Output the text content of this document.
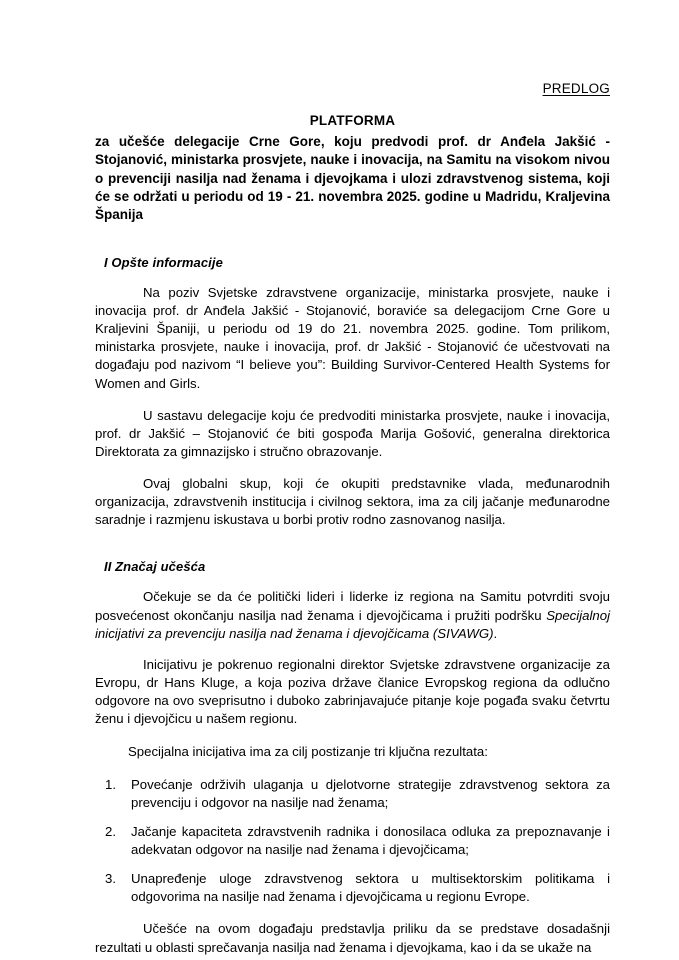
PREDLOG
PLATFORMA

za učešće delegacije Crne Gore, koju predvodi prof. dr Anđela Jakšić - Stojanović, ministarka prosvjete, nauke i inovacija, na Samitu na visokom nivou o prevenciji nasilja nad ženama i djevojkama i ulozi zdravstvenog sistema, koji će se održati u periodu od 19 - 21. novembra 2025. godine u Madridu, Kraljevina Španija

I Opšte informacije

Na poziv Svjetske zdravstvene organizacije, ministarka prosvjete, nauke i inovacija prof. dr Anđela Jakšić - Stojanović, boraviće sa delegacijom Crne Gore u Kraljevini Španiji, u periodu od 19 do 21. novembra 2025. godine. Tom prilikom, ministarka prosvjete, nauke i inovacija, prof. dr Jakšić - Stojanović će učestvovati na događaju pod nazivom “I believe you”: Building Survivor-Centered Health Systems for Women and Girls.

U sastavu delegacije koju će predvoditi ministarka prosvjete, nauke i inovacija, prof. dr Jakšić – Stojanović će biti gospođa Marija Gošović, generalna direktorica Direktorata za gimnazijsko i stručno obrazovanje.

Ovaj globalni skup, koji će okupiti predstavnike vlada, međunarodnih organizacija, zdravstvenih institucija i civilnog sektora, ima za cilj jačanje međunarodne saradnje i razmjenu iskustava u borbi protiv rodno zasnovanog nasilja.

II Značaj učešća

Očekuje se da će politički lideri i liderke iz regiona na Samitu potvrditi svoju posvećenost okončanju nasilja nad ženama i djevojčicama i pružiti podršku Specijalnoj inicijativi za prevenciju nasilja nad ženama i djevojčicama (SIVAWG).

Inicijativu je pokrenuo regionalni direktor Svjetske zdravstvene organizacije za Evropu, dr Hans Kluge, a koja poziva države članice Evropskog regiona da odlučno odgovore na ovo sveprisutno i duboko zabrinjavajuće pitanje koje pogađa svaku četvrtu ženu i djevojčicu u našem regionu.

Specijalna inicijativa ima za cilj postizanje tri ključna rezultata:

1.	Povećanje održivih ulaganja u djelotvorne strategije zdravstvenog sektora za prevenciju i odgovor na nasilje nad ženama;
2.	Jačanje kapaciteta zdravstvenih radnika i donosilaca odluka za prepoznavanje i adekvatan odgovor na nasilje nad ženama i djevojčicama;
3.	Unapređenje uloge zdravstvenog sektora u multisektorskim politikama i odgovorima na nasilje nad ženama i djevojčicama u regionu Evrope.

Učešće na ovom događaju predstavlja priliku da se predstave dosadašnji rezultati u oblasti sprečavanja nasilja nad ženama i djevojkama, kao i da se ukaže na
